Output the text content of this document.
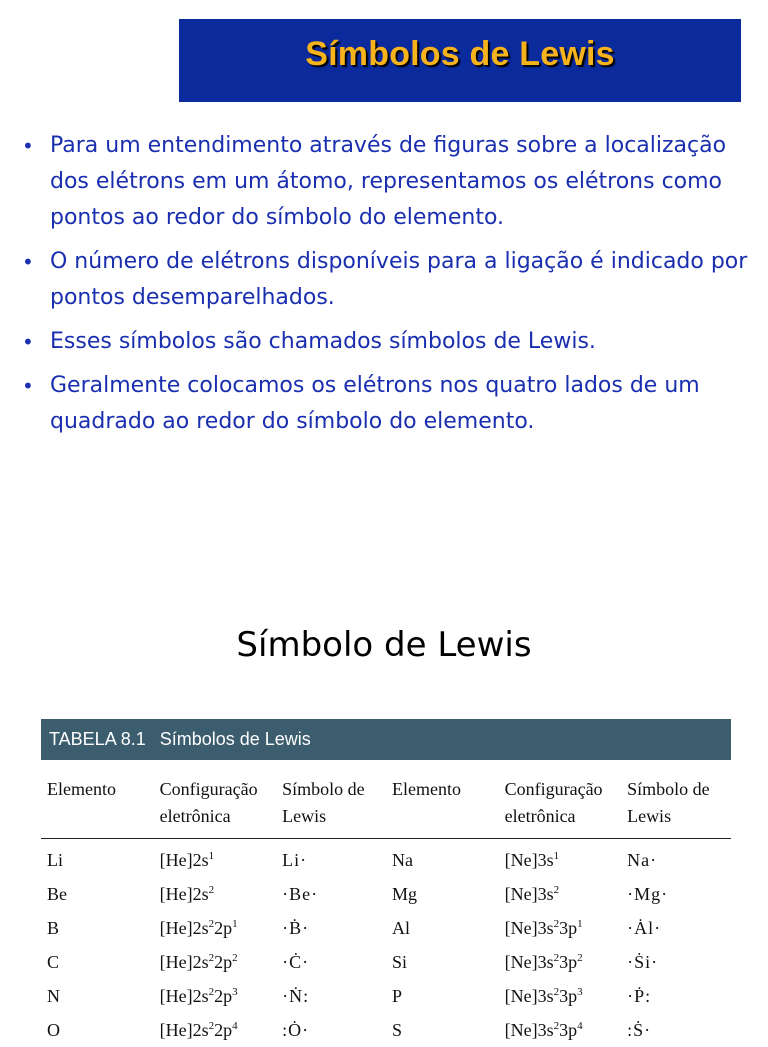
Símbolos de Lewis
• Para um entendimento através de figuras sobre a localização dos elétrons em um átomo, representamos os elétrons como pontos ao redor do símbolo do elemento.
• O número de elétrons disponíveis para a ligação é indicado por pontos desemparelhados.
• Esses símbolos são chamados símbolos de Lewis.
• Geralmente colocamos os elétrons nos quatro lados de um quadrado ao redor do símbolo do elemento.
Símbolo de Lewis
TABELA 8.1 Símbolos de Lewis
Elemento	Configuração eletrônica	Símbolo de Lewis	Elemento	Configuração eletrônica	Símbolo de Lewis
Li	$[He]2s^1$	Li·	Na	$[Ne]3s^1$	Na·
Be	$[He]2s^2$	·Be·	Mg	$[Ne]3s^2$	·Mg·
B	$[He]2s^22p^1$	·Ḃ·	Al	$[Ne]3s^23p^1$	·Ȧl·
C	$[He]2s^22p^2$	·Ċ·	Si	$[Ne]3s^23p^2$	·Ṡi·
N	$[He]2s^22p^3$	·Ṅ:	P	$[Ne]3s^23p^3$	·Ṗ:
O	$[He]2s^22p^4$	:Ȯ·	S	$[Ne]3s^23p^4$	:Ṡ·
